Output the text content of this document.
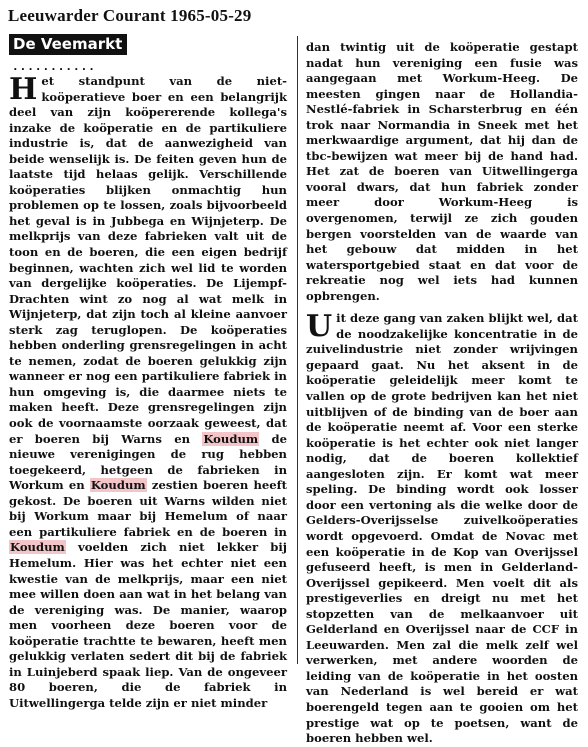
Leeuwarder Courant 1965-05-29
De Veemarkt
...........

Het standpunt van de niet-koöperatieve boer en een belangrijk deel van zijn koöpererende kollega's inzake de koöperatie en de partikuliere industrie is, dat de aanwezigheid van beide wenselijk is. De feiten geven hun de laatste tijd helaas gelijk. Verschillende koöperaties blijken onmachtig hun problemen op te lossen, zoals bijvoorbeeld het geval is in Jubbega en Wijnjeterp. De melkprijs van deze fabrieken valt uit de toon en de boeren, die een eigen bedrijf beginnen, wachten zich wel lid te worden van dergelijke koöperaties. De Lijempf-Drachten wint zo nog al wat melk in Wijnjeterp, dat zijn toch al kleine aanvoer sterk zag teruglopen. De koöperaties hebben onderling grensregelingen in acht te nemen, zodat de boeren gelukkig zijn wanneer er nog een partikuliere fabriek in hun omgeving is, die daarmee niets te maken heeft. Deze grensregelingen zijn ook de voornaamste oorzaak geweest, dat er boeren bij Warns en Koudum de nieuwe verenigingen de rug hebben toegekeerd, hetgeen de fabrieken in Workum en Koudum zestien boeren heeft gekost. De boeren uit Warns wilden niet bij Workum maar bij Hemelum of naar een partikuliere fabriek en de boeren in Koudum voelden zich niet lekker bij Hemelum. Hier was het echter niet een kwestie van de melkprijs, maar een niet mee willen doen aan wat in het belang van de vereniging was. De manier, waarop men voorheen deze boeren voor de koöperatie trachtte te bewaren, heeft men gelukkig verlaten sedert dit bij de fabriek in Luinjeberd spaak liep. Van de ongeveer 80 boeren, die de fabriek in Uitwellingerga telde zijn er niet minder

dan twintig uit de koöperatie gestapt nadat hun vereniging een fusie was aangegaan met Workum-Heeg. De meesten gingen naar de Hollandia-Nestlé-fabriek in Scharsterbrug en één trok naar Normandia in Sneek met het merkwaardige argument, dat hij dan de tbc-bewijzen wat meer bij de hand had. Het zat de boeren van Uitwellingerga vooral dwars, dat hun fabriek zonder meer door Workum-Heeg is overgenomen, terwijl ze zich gouden bergen voorstelden van de waarde van het gebouw dat midden in het watersportgebied staat en dat voor de rekreatie nog wel iets had kunnen opbrengen.

Uit deze gang van zaken blijkt wel, dat de noodzakelijke koncentratie in de zuivelindustrie niet zonder wrijvingen gepaard gaat. Nu het aksent in de koöperatie geleidelijk meer komt te vallen op de grote bedrijven kan het niet uitblijven of de binding van de boer aan de koöperatie neemt af. Voor een sterke koöperatie is het echter ook niet langer nodig, dat de boeren kollektief aangesloten zijn. Er komt wat meer speling. De binding wordt ook losser door een vertoning als die welke door de Gelders-Overijsselse zuivelkoöperaties wordt opgevoerd. Omdat de Novac met een koöperatie in de Kop van Overijssel gefuseerd heeft, is men in Gelderland-Overijssel gepikeerd. Men voelt dit als prestigeverlies en dreigt nu met het stopzetten van de melkaanvoer uit Gelderland en Overijssel naar de CCF in Leeuwarden. Men zal die melk zelf wel verwerken, met andere woorden de leiding van de koöperatie in het oosten van Nederland is wel bereid er wat boerengeld tegen aan te gooien om het prestige wat op te poetsen, want de boeren hebben wel.
